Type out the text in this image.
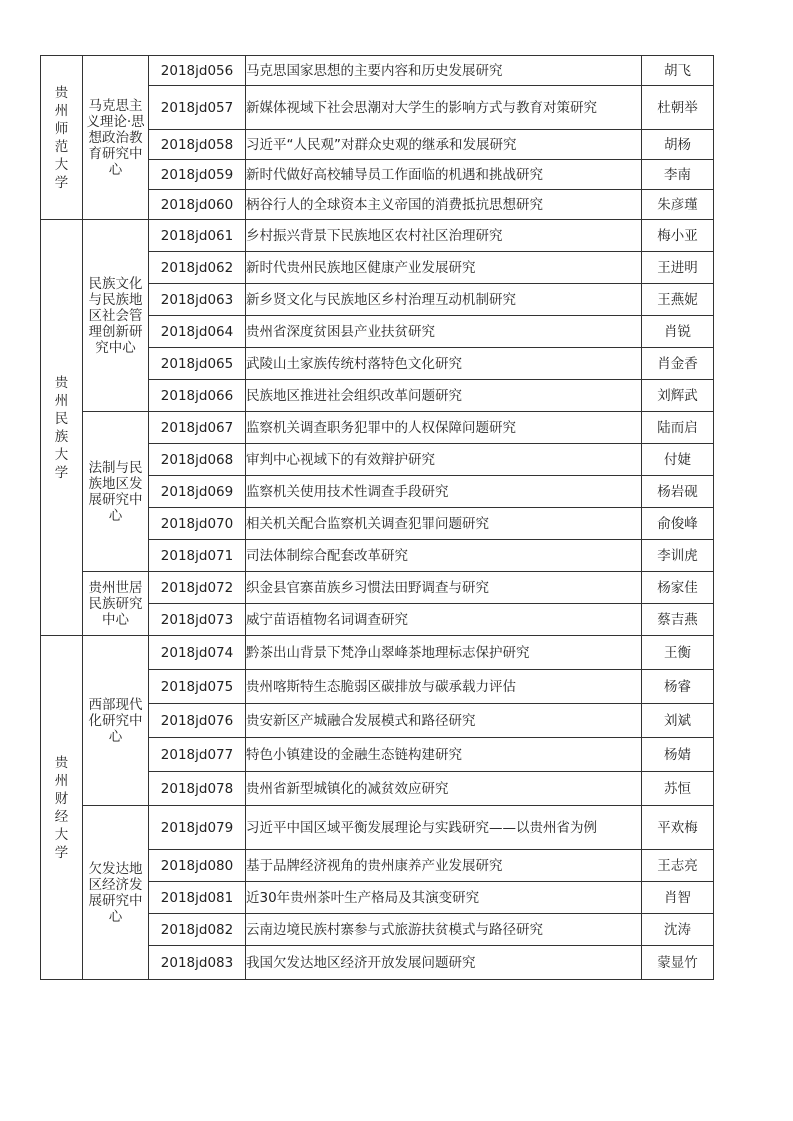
贵州师范大学	马克思主义理论·思想政治教育研究中心	2018jd056	马克思国家思想的主要内容和历史发展研究	胡飞
		2018jd057	新媒体视域下社会思潮对大学生的影响方式与教育对策研究	杜朝举
		2018jd058	习近平“人民观”对群众史观的继承和发展研究	胡杨
		2018jd059	新时代做好高校辅导员工作面临的机遇和挑战研究	李南
		2018jd060	柄谷行人的全球资本主义帝国的消费抵抗思想研究	朱彦瑾
贵州民族大学	民族文化与民族地区社会管理创新研究中心	2018jd061	乡村振兴背景下民族地区农村社区治理研究	梅小亚
		2018jd062	新时代贵州民族地区健康产业发展研究	王进明
		2018jd063	新乡贤文化与民族地区乡村治理互动机制研究	王燕妮
		2018jd064	贵州省深度贫困县产业扶贫研究	肖锐
		2018jd065	武陵山土家族传统村落特色文化研究	肖金香
		2018jd066	民族地区推进社会组织改革问题研究	刘辉武
	法制与民族地区发展研究中心	2018jd067	监察机关调查职务犯罪中的人权保障问题研究	陆而启
		2018jd068	审判中心视域下的有效辩护研究	付婕
		2018jd069	监察机关使用技术性调查手段研究	杨岩砚
		2018jd070	相关机关配合监察机关调查犯罪问题研究	俞俊峰
		2018jd071	司法体制综合配套改革研究	李训虎
	贵州世居民族研究中心	2018jd072	织金县官寨苗族乡习惯法田野调查与研究	杨家佳
		2018jd073	威宁苗语植物名词调查研究	蔡吉燕
贵州财经大学	西部现代化研究中心	2018jd074	黔茶出山背景下梵净山翠峰茶地理标志保护研究	王衡
		2018jd075	贵州喀斯特生态脆弱区碳排放与碳承载力评估	杨睿
		2018jd076	贵安新区产城融合发展模式和路径研究	刘斌
		2018jd077	特色小镇建设的金融生态链构建研究	杨婧
		2018jd078	贵州省新型城镇化的减贫效应研究	苏恒
	欠发达地区经济发展研究中心	2018jd079	习近平中国区域平衡发展理论与实践研究——以贵州省为例	平欢梅
		2018jd080	基于品牌经济视角的贵州康养产业发展研究	王志亮
		2018jd081	近30年贵州茶叶生产格局及其演变研究	肖智
		2018jd082	云南边境民族村寨参与式旅游扶贫模式与路径研究	沈涛
		2018jd083	我国欠发达地区经济开放发展问题研究	蒙显竹
